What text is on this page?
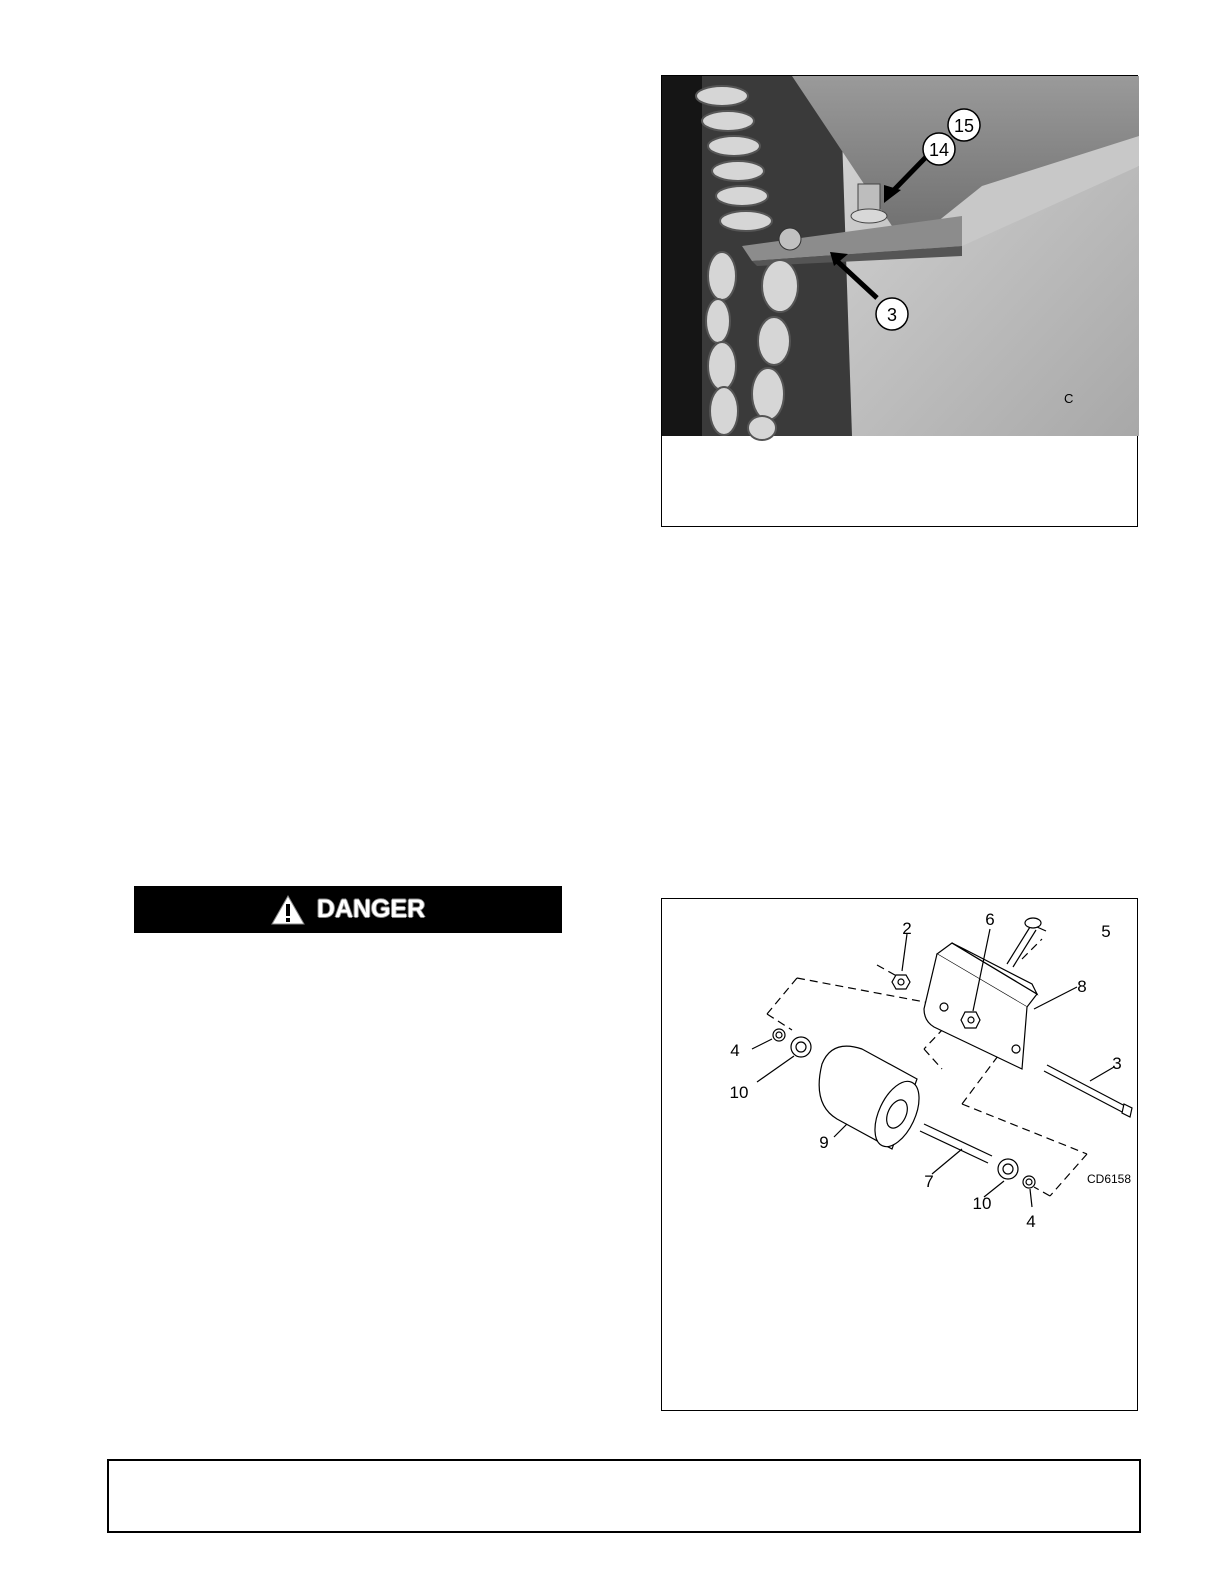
15
14
3
C
DANGER
2	6
5
8
3
4
10
9
7
10
4
CD6158
